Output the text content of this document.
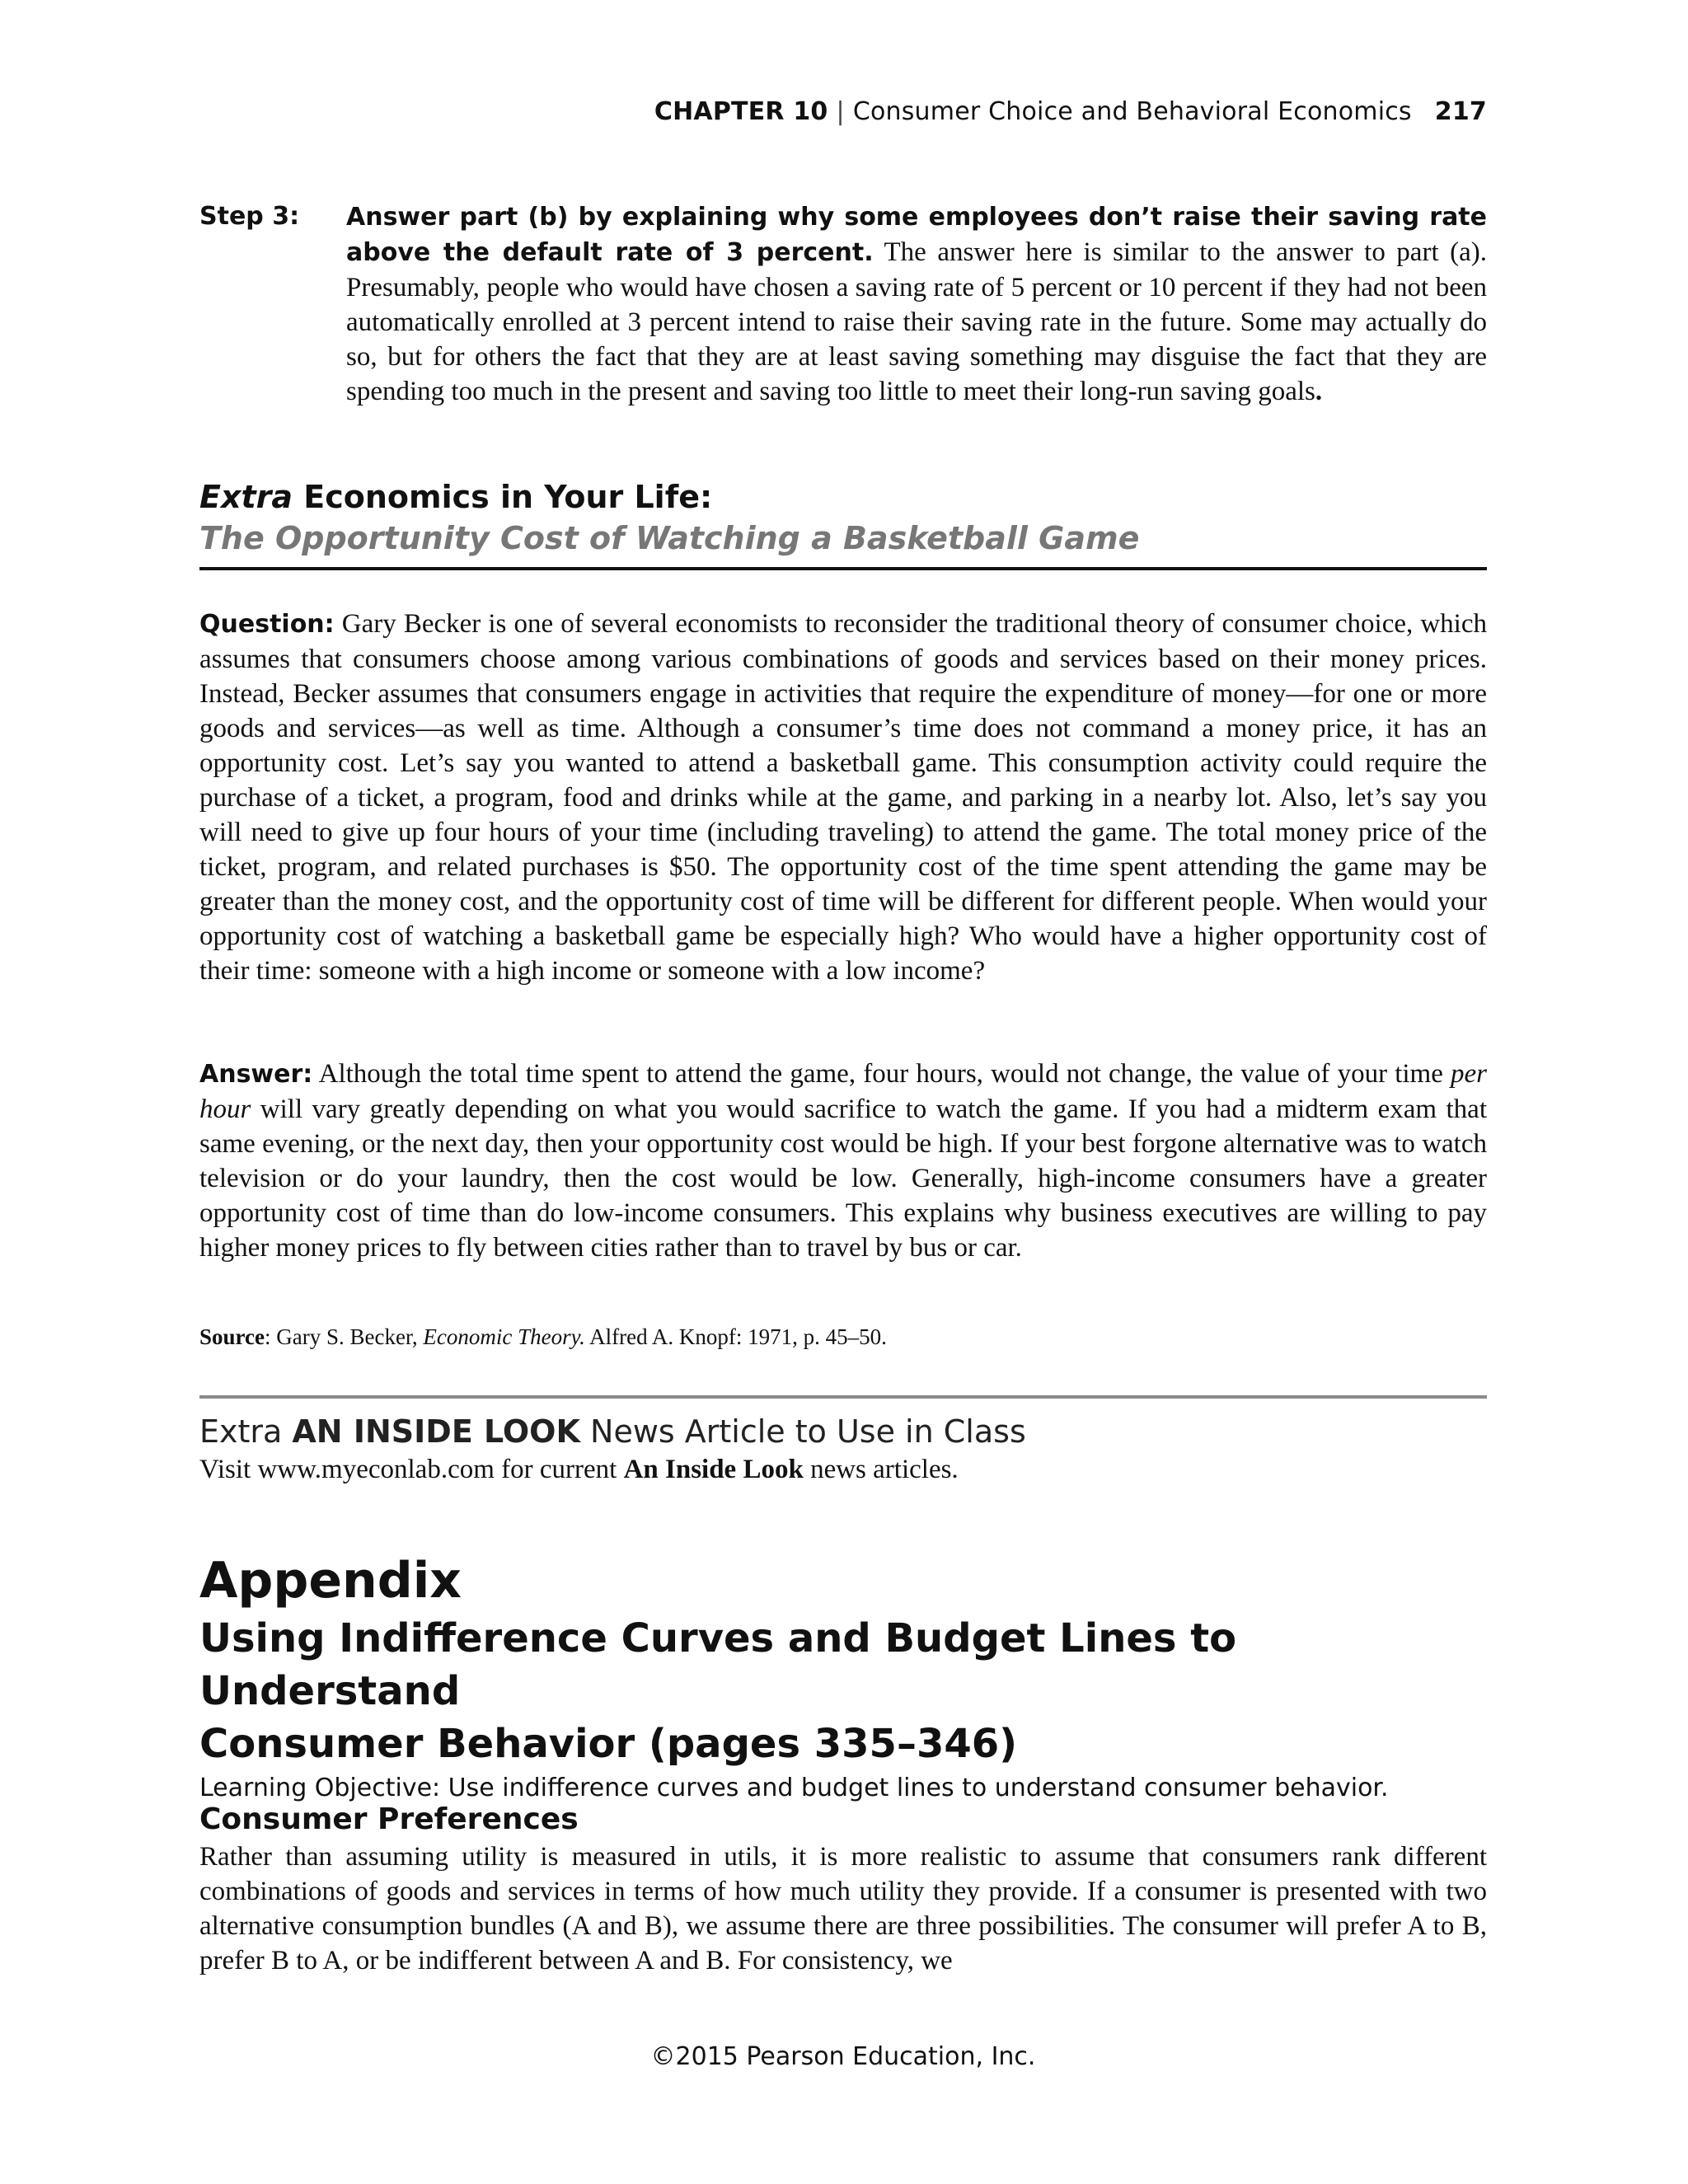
CHAPTER 10 | Consumer Choice and Behavioral Economics 217
Step 3: Answer part (b) by explaining why some employees don’t raise their saving rate above the default rate of 3 percent. The answer here is similar to the answer to part (a). Presumably, people who would have chosen a saving rate of 5 percent or 10 percent if they had not been automatically enrolled at 3 percent intend to raise their saving rate in the future. Some may actually do so, but for others the fact that they are at least saving something may disguise the fact that they are spending too much in the present and saving too little to meet their long-run saving goals.
Extra Economics in Your Life:
The Opportunity Cost of Watching a Basketball Game
Question: Gary Becker is one of several economists to reconsider the traditional theory of consumer choice, which assumes that consumers choose among various combinations of goods and services based on their money prices. Instead, Becker assumes that consumers engage in activities that require the expenditure of money—for one or more goods and services—as well as time. Although a consumer’s time does not command a money price, it has an opportunity cost. Let’s say you wanted to attend a basketball game. This consumption activity could require the purchase of a ticket, a program, food and drinks while at the game, and parking in a nearby lot. Also, let’s say you will need to give up four hours of your time (including traveling) to attend the game. The total money price of the ticket, program, and related purchases is $50. The opportunity cost of the time spent attending the game may be greater than the money cost, and the opportunity cost of time will be different for different people. When would your opportunity cost of watching a basketball game be especially high? Who would have a higher opportunity cost of their time: someone with a high income or someone with a low income?
Answer: Although the total time spent to attend the game, four hours, would not change, the value of your time per hour will vary greatly depending on what you would sacrifice to watch the game. If you had a midterm exam that same evening, or the next day, then your opportunity cost would be high. If your best forgone alternative was to watch television or do your laundry, then the cost would be low. Generally, high-income consumers have a greater opportunity cost of time than do low-income consumers. This explains why business executives are willing to pay higher money prices to fly between cities rather than to travel by bus or car.
Source: Gary S. Becker, Economic Theory. Alfred A. Knopf: 1971, p. 45–50.
Extra AN INSIDE LOOK News Article to Use in Class
Visit www.myeconlab.com for current An Inside Look news articles.
Appendix
Using Indifference Curves and Budget Lines to Understand
Consumer Behavior (pages 335–346)
Learning Objective: Use indifference curves and budget lines to understand consumer behavior.
Consumer Preferences
Rather than assuming utility is measured in utils, it is more realistic to assume that consumers rank different combinations of goods and services in terms of how much utility they provide. If a consumer is presented with two alternative consumption bundles (A and B), we assume there are three possibilities. The consumer will prefer A to B, prefer B to A, or be indifferent between A and B. For consistency, we
©2015 Pearson Education, Inc.
